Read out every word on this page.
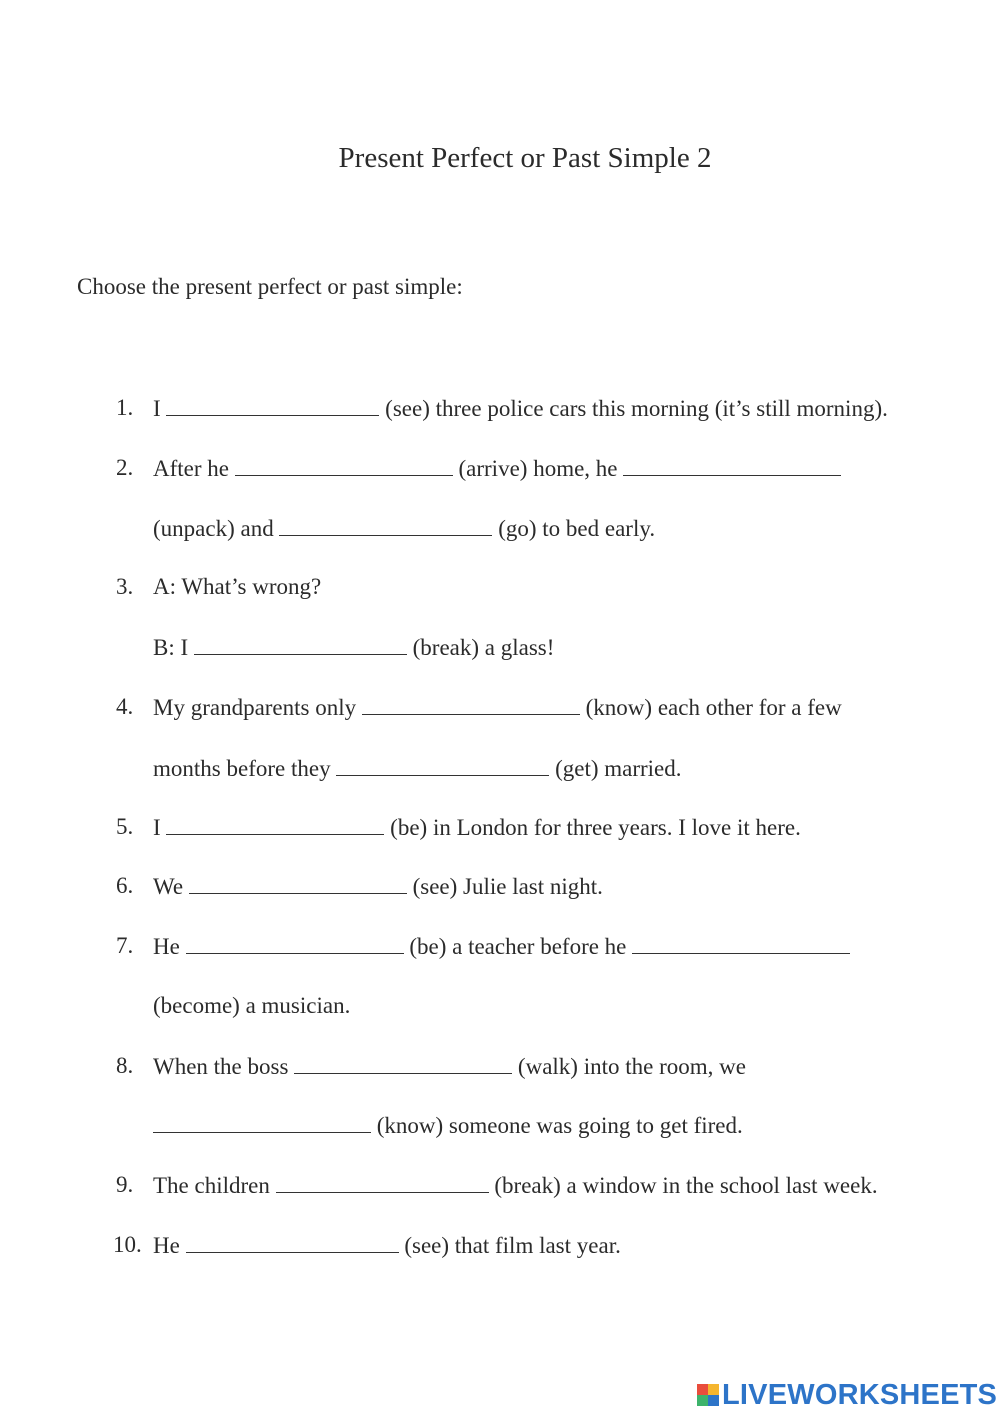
Present Perfect or Past Simple 2
Choose the present perfect or past simple:
1. I	(see) three police cars this morning (it’s still morning).
2. After he	(arrive) home, he
(unpack) and	(go) to bed early.
3. A: What’s wrong?
B: I	(break) a glass!
4. My grandparents only	(know) each other for a few
months before they	(get) married.
5. I	(be) in London for three years. I love it here.
6. We	(see) Julie last night.
7. He	(be) a teacher before he
(become) a musician.
8. When the boss	(walk) into the room, we
(know) someone was going to get fired.
9. The children	(break) a window in the school last week.
10. He	(see) that film last year.
LIVEWORKSHEETS
